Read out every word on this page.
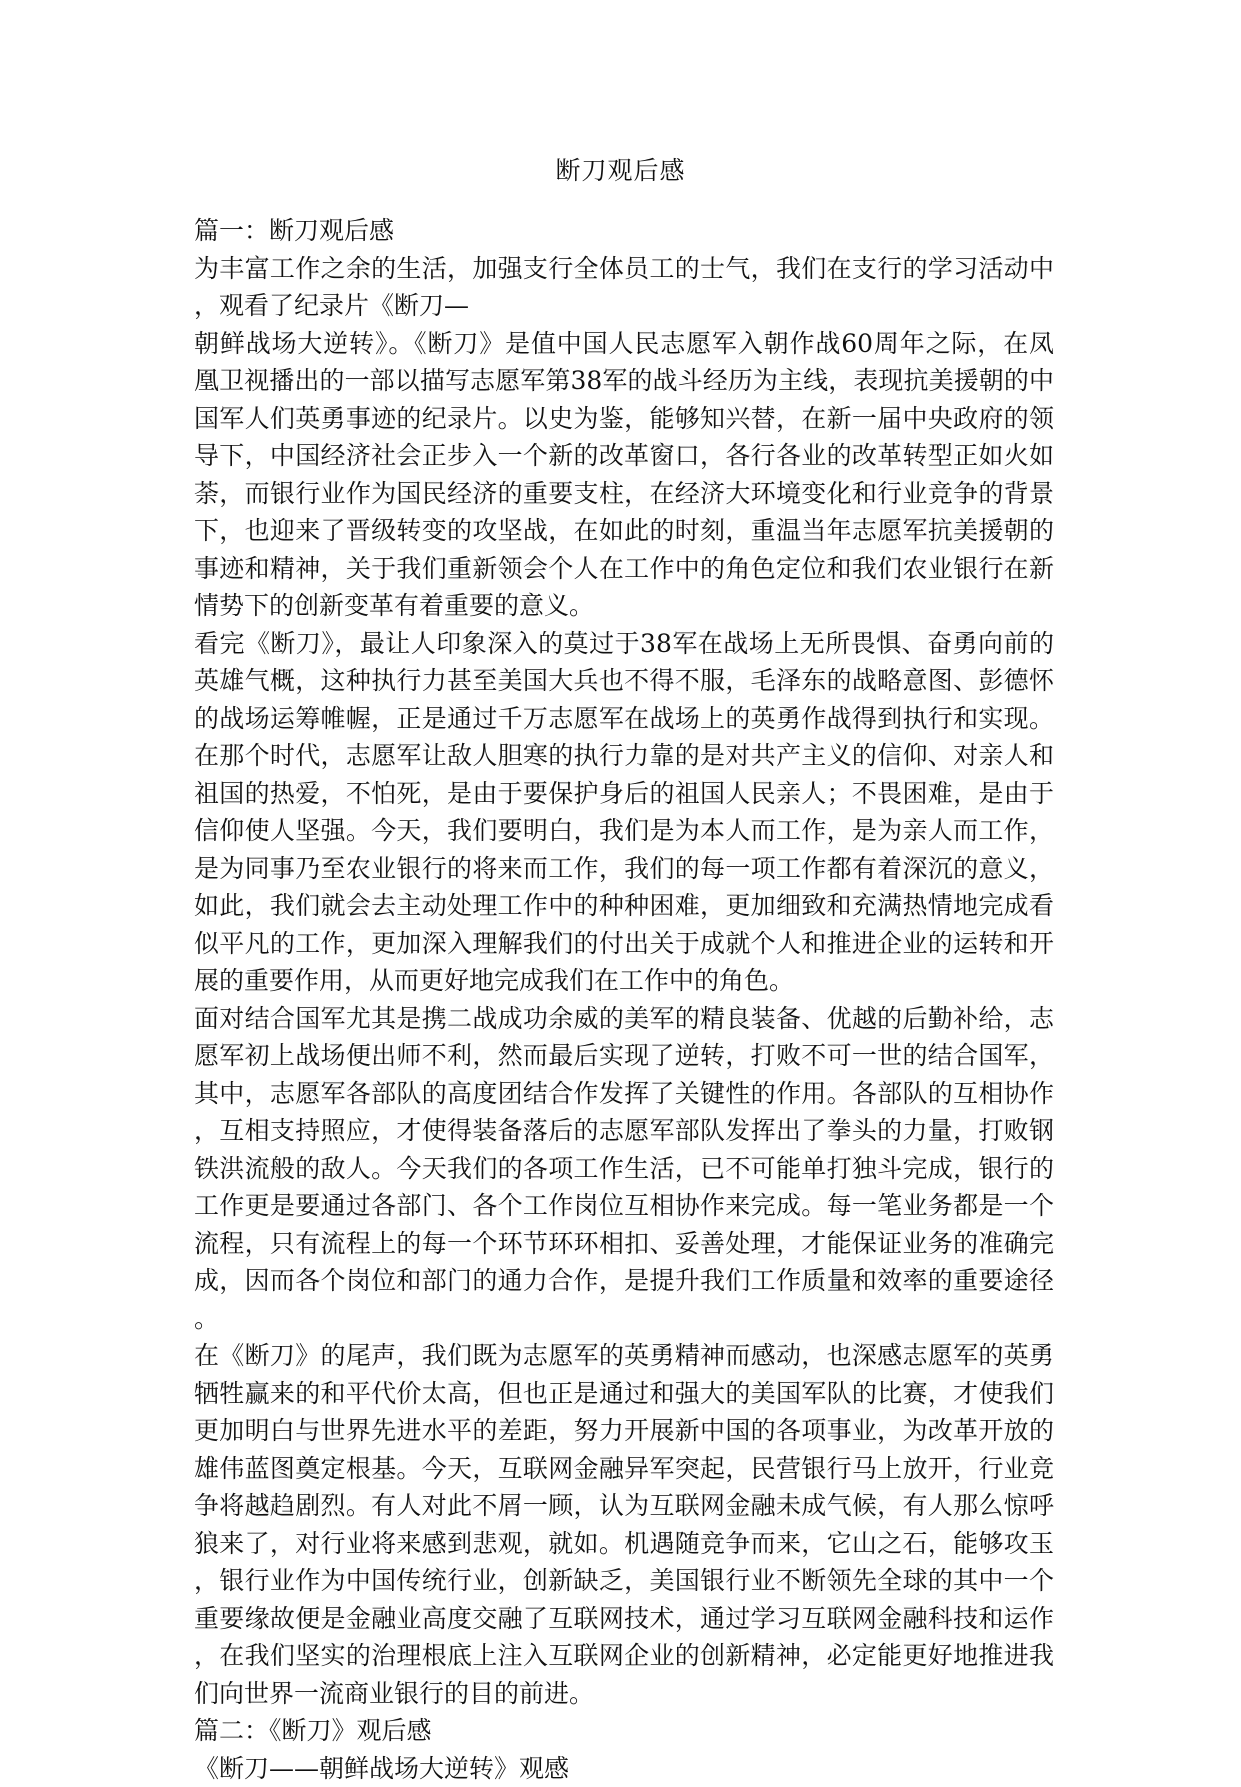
断刀观后感
篇一：断刀观后感
为丰富工作之余的生活，加强支行全体员工的士气，我们在支行的学习活动中
，观看了纪录片《断刀—
朝鲜战场大逆转》。《断刀》是值中国人民志愿军入朝作战60周年之际，在凤
凰卫视播出的一部以描写志愿军第38军的战斗经历为主线，表现抗美援朝的中
国军人们英勇事迹的纪录片。以史为鉴，能够知兴替，在新一届中央政府的领
导下，中国经济社会正步入一个新的改革窗口，各行各业的改革转型正如火如
荼，而银行业作为国民经济的重要支柱，在经济大环境变化和行业竞争的背景
下，也迎来了晋级转变的攻坚战，在如此的时刻，重温当年志愿军抗美援朝的
事迹和精神，关于我们重新领会个人在工作中的角色定位和我们农业银行在新
情势下的创新变革有着重要的意义。
看完《断刀》，最让人印象深入的莫过于38军在战场上无所畏惧、奋勇向前的
英雄气概，这种执行力甚至美国大兵也不得不服，毛泽东的战略意图、彭德怀
的战场运筹帷幄，正是通过千万志愿军在战场上的英勇作战得到执行和实现。
在那个时代，志愿军让敌人胆寒的执行力靠的是对共产主义的信仰、对亲人和
祖国的热爱，不怕死，是由于要保护身后的祖国人民亲人；不畏困难，是由于
信仰使人坚强。今天，我们要明白，我们是为本人而工作，是为亲人而工作，
是为同事乃至农业银行的将来而工作，我们的每一项工作都有着深沉的意义，
如此，我们就会去主动处理工作中的种种困难，更加细致和充满热情地完成看
似平凡的工作，更加深入理解我们的付出关于成就个人和推进企业的运转和开
展的重要作用，从而更好地完成我们在工作中的角色。
面对结合国军尤其是携二战成功余威的美军的精良装备、优越的后勤补给，志
愿军初上战场便出师不利，然而最后实现了逆转，打败不可一世的结合国军，
其中，志愿军各部队的高度团结合作发挥了关键性的作用。各部队的互相协作
，互相支持照应，才使得装备落后的志愿军部队发挥出了拳头的力量，打败钢
铁洪流般的敌人。今天我们的各项工作生活，已不可能单打独斗完成，银行的
工作更是要通过各部门、各个工作岗位互相协作来完成。每一笔业务都是一个
流程，只有流程上的每一个环节环环相扣、妥善处理，才能保证业务的准确完
成，因而各个岗位和部门的通力合作，是提升我们工作质量和效率的重要途径
。
在《断刀》的尾声，我们既为志愿军的英勇精神而感动，也深感志愿军的英勇
牺牲赢来的和平代价太高，但也正是通过和强大的美国军队的比赛，才使我们
更加明白与世界先进水平的差距，努力开展新中国的各项事业，为改革开放的
雄伟蓝图奠定根基。今天，互联网金融异军突起，民营银行马上放开，行业竞
争将越趋剧烈。有人对此不屑一顾，认为互联网金融未成气候，有人那么惊呼
狼来了，对行业将来感到悲观，就如。机遇随竞争而来，它山之石，能够攻玉
，银行业作为中国传统行业，创新缺乏，美国银行业不断领先全球的其中一个
重要缘故便是金融业高度交融了互联网技术，通过学习互联网金融科技和运作
，在我们坚实的治理根底上注入互联网企业的创新精神，必定能更好地推进我
们向世界一流商业银行的目的前进。
篇二：《断刀》观后感
《断刀——朝鲜战场大逆转》观感
